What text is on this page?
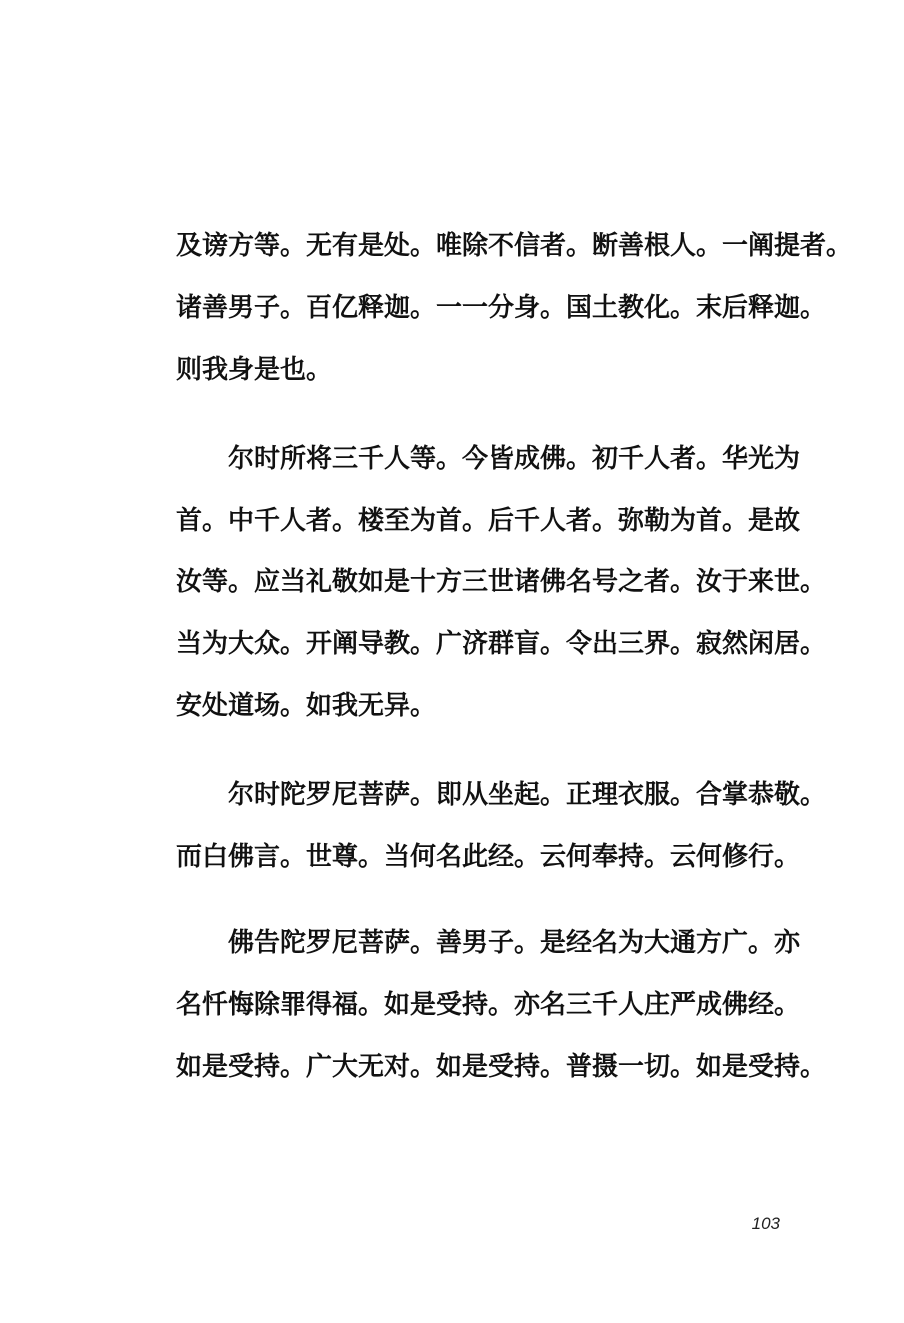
及谤方等。无有是处。唯除不信者。断善根人。一阐提者。
诸善男子。百亿释迦。一一分身。国土教化。末后释迦。
则我身是也。
尔时所将三千人等。今皆成佛。初千人者。华光为
首。中千人者。楼至为首。后千人者。弥勒为首。是故
汝等。应当礼敬如是十方三世诸佛名号之者。汝于来世。
当为大众。开阐导教。广济群盲。令出三界。寂然闲居。
安处道场。如我无异。
尔时陀罗尼菩萨。即从坐起。正理衣服。合掌恭敬。
而白佛言。世尊。当何名此经。云何奉持。云何修行。
佛告陀罗尼菩萨。善男子。是经名为大通方广。亦
名忏悔除罪得福。如是受持。亦名三千人庄严成佛经。
如是受持。广大无对。如是受持。普摄一切。如是受持。
103
